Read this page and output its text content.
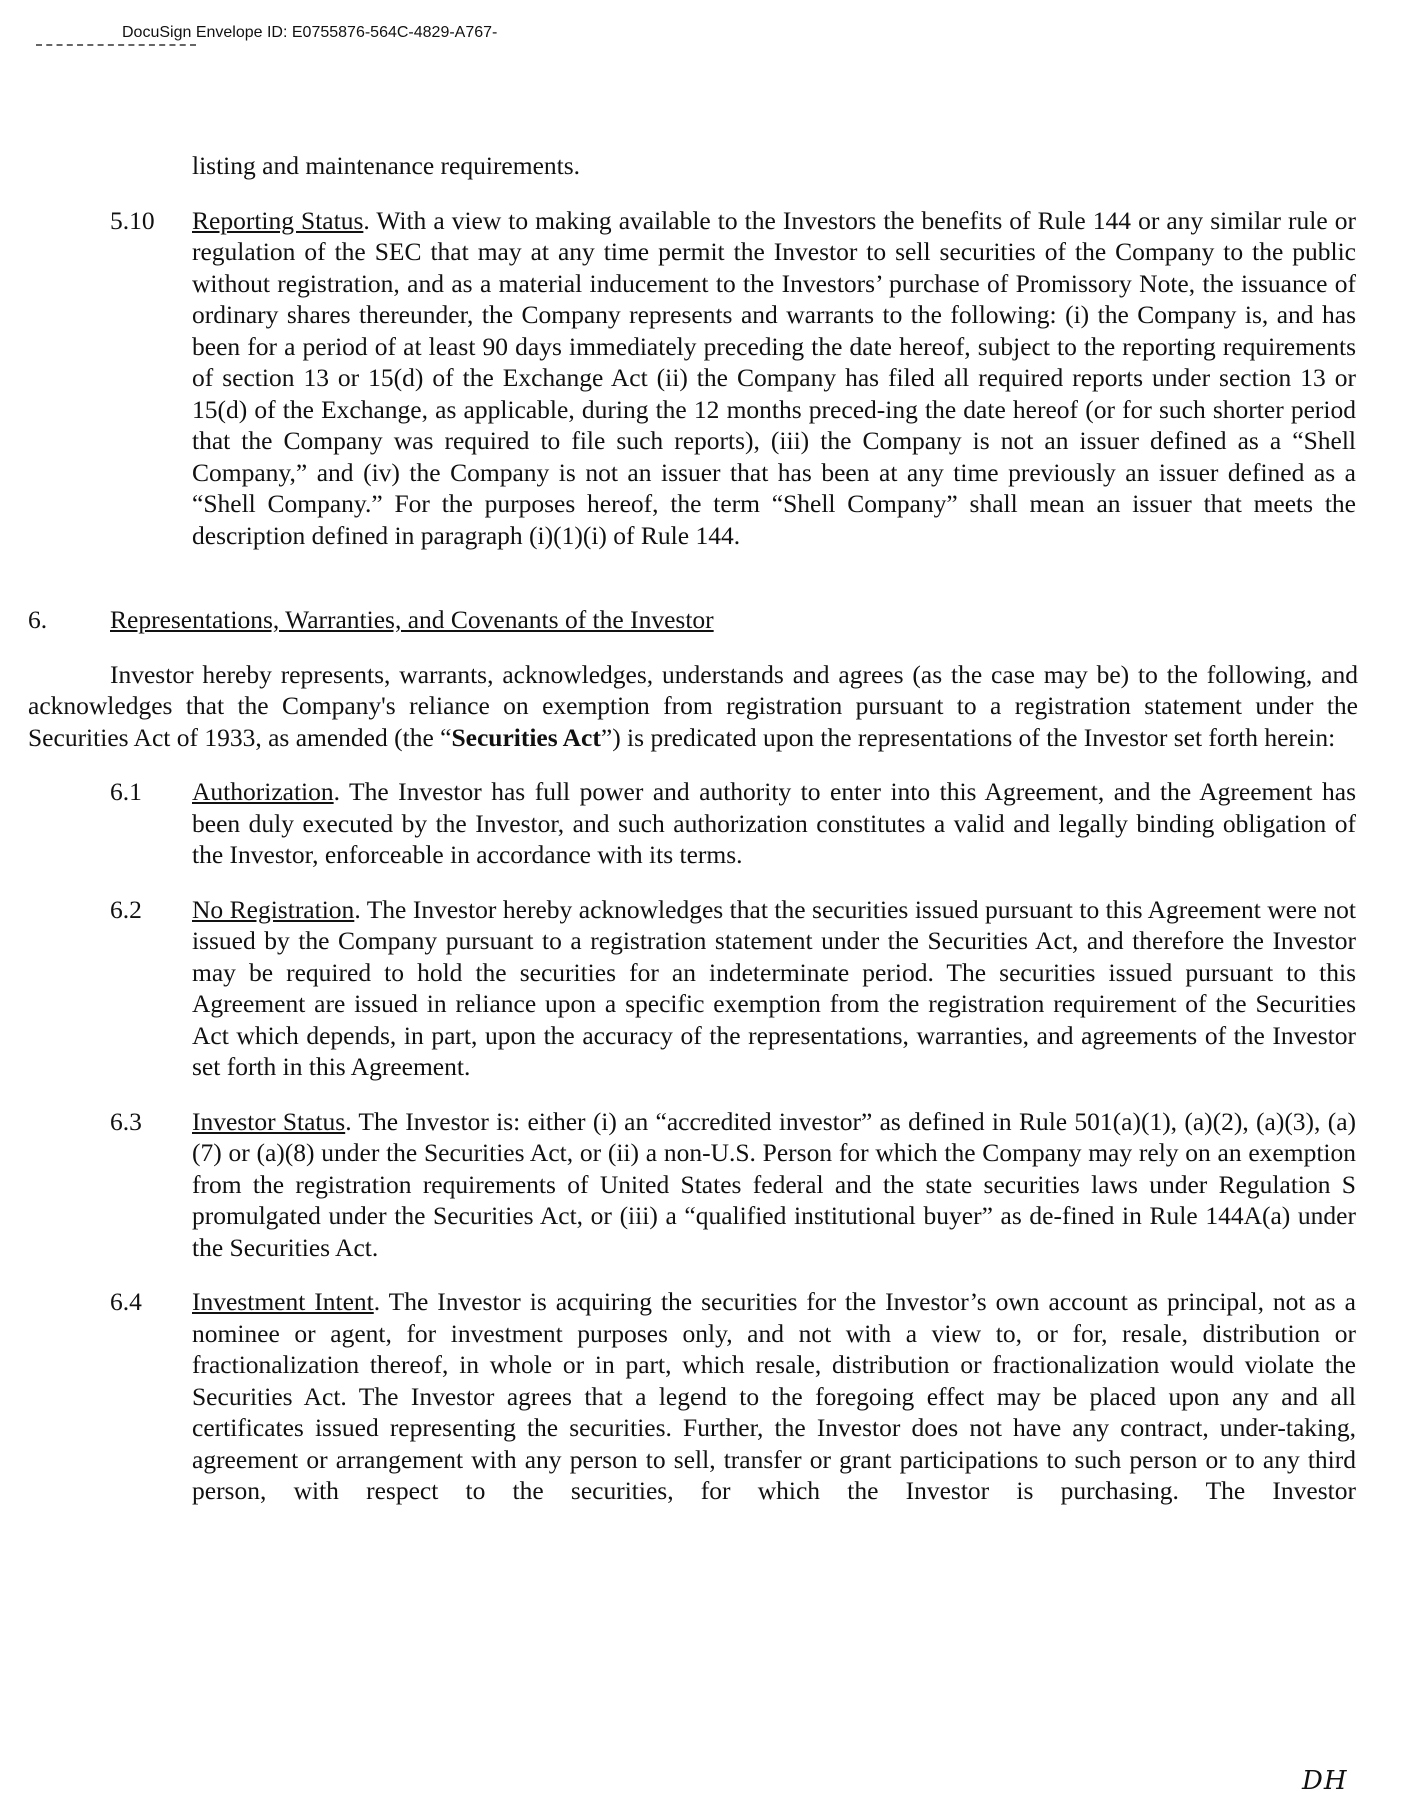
DocuSign Envelope ID: E0755876-564C-4829-A767-
listing and maintenance requirements.
5.10	Reporting Status. With a view to making available to the Investors the benefits of Rule 144 or any similar rule or regulation of the SEC that may at any time permit the Investor to sell securities of the Company to the public without registration, and as a material inducement to the Investors’ purchase of Promissory Note, the issuance of ordinary shares thereunder, the Company represents and warrants to the following: (i) the Company is, and has been for a period of at least 90 days immediately preceding the date hereof, subject to the reporting requirements of section 13 or 15(d) of the Exchange Act (ii) the Company has filed all required reports under section 13 or 15(d) of the Exchange, as applicable, during the 12 months preced-ing the date hereof (or for such shorter period that the Company was required to file such reports), (iii) the Company is not an issuer defined as a “Shell Company,” and (iv) the Company is not an issuer that has been at any time previously an issuer defined as a “Shell Company.” For the purposes hereof, the term “Shell Company” shall mean an issuer that meets the description defined in paragraph (i)(1)(i) of Rule 144.
6.	Representations, Warranties, and Covenants of the Investor
Investor hereby represents, warrants, acknowledges, understands and agrees (as the case may be) to the following, and acknowledges that the Company's reliance on exemption from registration pursuant to a registration statement under the Securities Act of 1933, as amended (the “Securities Act”) is predicated upon the representations of the Investor set forth herein:
6.1	Authorization. The Investor has full power and authority to enter into this Agreement, and the Agreement has been duly executed by the Investor, and such authorization constitutes a valid and legally binding obligation of the Investor, enforceable in accordance with its terms.
6.2	No Registration. The Investor hereby acknowledges that the securities issued pursuant to this Agreement were not issued by the Company pursuant to a registration statement under the Securities Act, and therefore the Investor may be required to hold the securities for an indeterminate period. The securities issued pursuant to this Agreement are issued in reliance upon a specific exemption from the registration requirement of the Securities Act which depends, in part, upon the accuracy of the representations, warranties, and agreements of the Investor set forth in this Agreement.
6.3	Investor Status. The Investor is: either (i) an “accredited investor” as defined in Rule 501(a)(1), (a)(2), (a)(3), (a)(7) or (a)(8) under the Securities Act, or (ii) a non-U.S. Person for which the Company may rely on an exemption from the registration requirements of United States federal and the state securities laws under Regulation S promulgated under the Securities Act, or (iii) a “qualified institutional buyer” as de-fined in Rule 144A(a) under the Securities Act.
6.4	Investment Intent. The Investor is acquiring the securities for the Investor’s own account as principal, not as a nominee or agent, for investment purposes only, and not with a view to, or for, resale, distribution or fractionalization thereof, in whole or in part, which resale, distribution or fractionalization would violate the Securities Act. The Investor agrees that a legend to the foregoing effect may be placed upon any and all certificates issued representing the securities. Further, the Investor does not have any contract, under-taking, agreement or arrangement with any person to sell, transfer or grant participations to such person or to any third person, with respect to the securities, for which the Investor is purchasing. The Investor
DH
